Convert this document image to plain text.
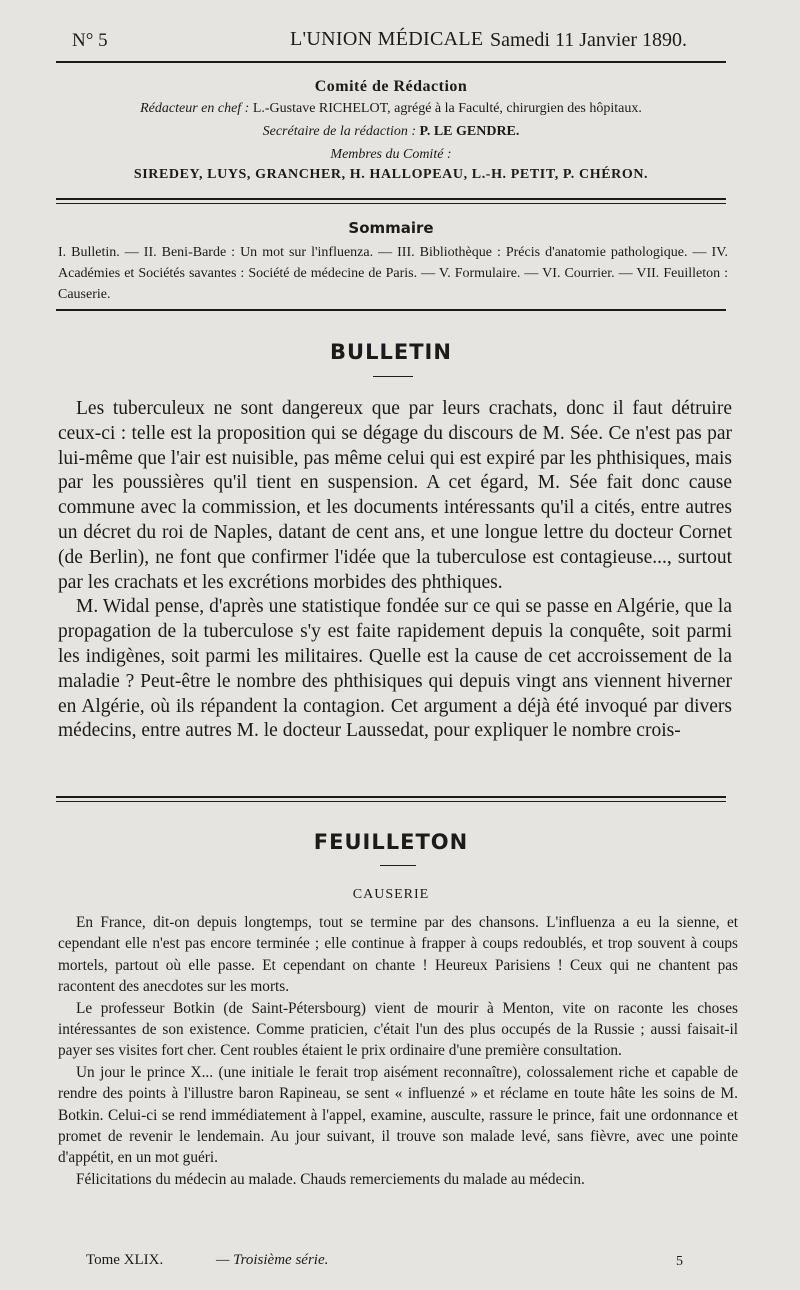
N° 5	L'UNION MÉDICALE Samedi 11 Janvier 1890.
Comité de Rédaction
Rédacteur en chef : L.-Gustave RICHELOT, agrégé à la Faculté, chirurgien des hôpitaux.
Secrétaire de la rédaction : P. LE GENDRE.
Membres du Comité :
SIREDEY, LUYS, GRANCHER, H. HALLOPEAU, L.-H. PETIT, P. CHÉRON.
Sommaire
I. Bulletin. — II. Beni-Barde : Un mot sur l'influenza. — III. Bibliothèque : Précis d'anatomie pathologique. — IV. Académies et Sociétés savantes : Société de médecine de Paris. — V. Formulaire. — VI. Courrier. — VII. Feuilleton : Causerie.
BULLETIN

Les tuberculeux ne sont dangereux que par leurs crachats, donc il faut détruire ceux-ci : telle est la proposition qui se dégage du discours de M. Sée. Ce n'est pas par lui-même que l'air est nuisible, pas même celui qui est expiré par les phthisiques, mais par les poussières qu'il tient en suspension. A cet égard, M. Sée fait donc cause commune avec la commission, et les documents intéressants qu'il a cités, entre autres un décret du roi de Naples, datant de cent ans, et une longue lettre du docteur Cornet (de Berlin), ne font que confirmer l'idée que la tuberculose est contagieuse..., surtout par les crachats et les excrétions morbides des phthiques.

M. Widal pense, d'après une statistique fondée sur ce qui se passe en Algérie, que la propagation de la tuberculose s'y est faite rapidement depuis la conquête, soit parmi les indigènes, soit parmi les militaires. Quelle est la cause de cet accroissement de la maladie ? Peut-être le nombre des phthisiques qui depuis vingt ans viennent hiverner en Algérie, où ils répandent la contagion. Cet argument a déjà été invoqué par divers médecins, entre autres M. le docteur Laussedat, pour expliquer le nombre crois-

FEUILLETON
CAUSERIE

En France, dit-on depuis longtemps, tout se termine par des chansons. L'influenza a eu la sienne, et cependant elle n'est pas encore terminée ; elle continue à frapper à coups redoublés, et trop souvent à coups mortels, partout où elle passe. Et cependant on chante ! Heureux Parisiens ! Ceux qui ne chantent pas racontent des anecdotes sur les morts.

Le professeur Botkin (de Saint-Pétersbourg) vient de mourir à Menton, vite on raconte les choses intéressantes de son existence. Comme praticien, c'était l'un des plus occupés de la Russie ; aussi faisait-il payer ses visites fort cher. Cent roubles étaient le prix ordinaire d'une première consultation.

Un jour le prince X... (une initiale le ferait trop aisément reconnaître), colossalement riche et capable de rendre des points à l'illustre baron Rapineau, se sent « influenzé » et réclame en toute hâte les soins de M. Botkin. Celui-ci se rend immédiatement à l'appel, examine, ausculte, rassure le prince, fait une ordonnance et promet de revenir le lendemain. Au jour suivant, il trouve son malade levé, sans fièvre, avec une pointe d'appétit, en un mot guéri.

Félicitations du médecin au malade. Chauds remerciements du malade au médecin.

Tome XLIX.	— Troisième série.	5
